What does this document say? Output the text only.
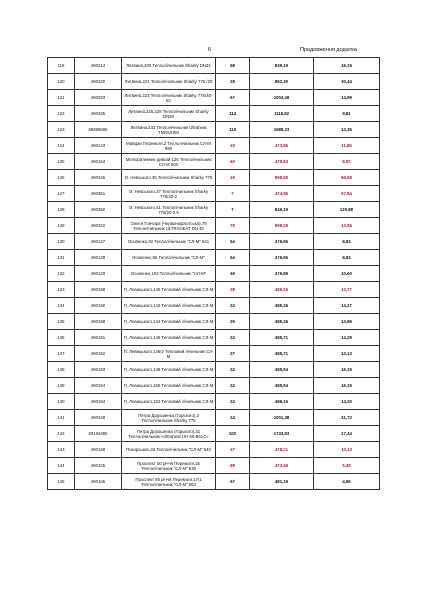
6	Продовження додатка
119	450314	Литвина,200 Теплолічильник Sharky DN32	58	939,19	16,19
120	450320	Литвина,221 Теплолічильник Sharky 775 /20	28	852,30	30,44
121	450283	Литвина,223 Теплолічильник Sharky 775/40-62	67	1004,49	14,99
122	450295	Литвина,225,229 Теплолічильник Sharky DN50	114	1118,82	9,81
123	68898588	Литвина,233 Теплолічильник Ultraheat T550UH50	119	1588,23	13,35
124	450143	Майдан Перемоги,2 Теплолічильник СЛ-М 990	40	473,85	11,85
125	450164	Меліоративних дивізій,126 Теплолічильник СЛ-М 500	60	479,83	8,00
126	450346	О. Невського,35 Теплолічильник Sharky 775	15	998,90	66,59
127	450351	О. Невського,37 Теплолічильник Sharky 775/20-2	7	474,85	67,84
128	450350	О. Невського,41 Теплолічильник Sharky 775/20-2.5	7	846,19	120,88
129	450322	Олеся Гончара (Червонофлотська),79 Теплолічильник ULTRAHEAT DN 40	79	999,29	12,65
130	450127	Осипенко,92 Теплолічильник "СЛ-М" 941	54	476,66	8,83
131	450128	Осипенко,96 Теплолічильник "СЛ-М"	54	476,66	8,83
132	450129	Осипенко,103 Теплолічильник "СЛ-М"	45	476,89	10,60
133	450189	П. Левицького,140 Тепловий лічильник СЛ-М	38	485,26	12,77
134	450190	П. Левицького,142 Тепловий лічильник СЛ-М	34	485,26	14,27
135	450188	П. Левицького,144 Тепловий лічильник СЛ-М	35	485,26	13,86
136	450191	П. Левицького,146 Тепловий лічильник СЛ-М	34	485,71	14,29
137	450192	П. Левицького,146/2 Тепловий лічильник СЛ-М	37	485,71	13,13
138	450193	П. Левицького,148 Тепловий лічильник СЛ-М	32	485,94	15,19
139	450194	П. Левицького,150 Тепловий лічильник СЛ-М	32	485,94	15,19
140	450184	П. Левицького,152 Тепловий лічильник СЛ-М	34	486,16	14,30
141	450349	Петра Дорошенка (Горького),3 Теплолічильник Sharky 775	24	1001,38	41,72
142	69194385	Петра Дорошенка (Горького),31 Теплолічильник «Ultraheat UH 50-B61C»	100	1743,93	17,44
143	450169	Покорських,2в Теплолічильник "СЛ-М" 540	47	478,21	10,13
144	450105	Проспект 50 річчя Перемоги,15 Теплолічильник "СЛ-М" 538	88	473,49	5,38
145	450106	Проспект 50 річчя Перемоги,17/1 Теплолічильник "СЛ-М" 553	97	481,19	4,96
